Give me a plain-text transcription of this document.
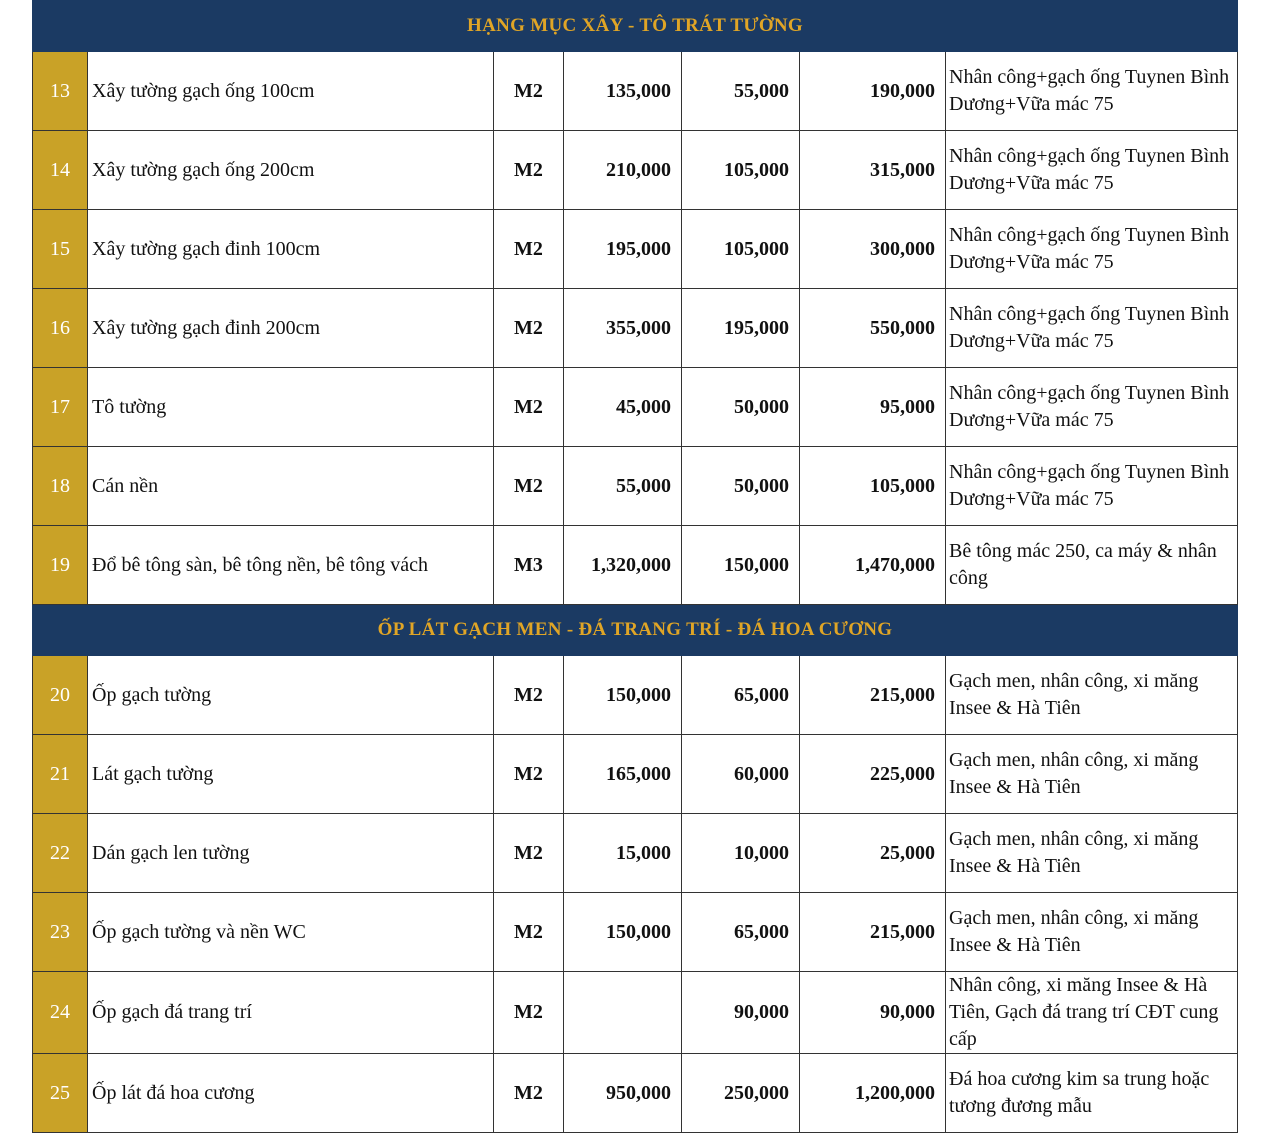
HẠNG MỤC XÂY - TÔ TRÁT TƯỜNG						
13	Xây tường gạch ống 100cm	M2	135,000	55,000	190,000	Nhân công+gạch ống Tuynen Bình Dương+Vữa mác 75
14	Xây tường gạch ống 200cm	M2	210,000	105,000	315,000	Nhân công+gạch ống Tuynen Bình Dương+Vữa mác 75
15	Xây tường gạch đinh 100cm	M2	195,000	105,000	300,000	Nhân công+gạch ống Tuynen Bình Dương+Vữa mác 75
16	Xây tường gạch đinh 200cm	M2	355,000	195,000	550,000	Nhân công+gạch ống Tuynen Bình Dương+Vữa mác 75
17	Tô tường	M2	45,000	50,000	95,000	Nhân công+gạch ống Tuynen Bình Dương+Vữa mác 75
18	Cán nền	M2	55,000	50,000	105,000	Nhân công+gạch ống Tuynen Bình Dương+Vữa mác 75
19	Đổ bê tông sàn, bê tông nền, bê tông vách	M3	1,320,000	150,000	1,470,000	Bê tông mác 250, ca máy & nhân công
ỐP LÁT GẠCH MEN - ĐÁ TRANG TRÍ - ĐÁ HOA CƯƠNG						
20	Ốp gạch tường	M2	150,000	65,000	215,000	Gạch men, nhân công, xi măng Insee & Hà Tiên
21	Lát gạch tường	M2	165,000	60,000	225,000	Gạch men, nhân công, xi măng Insee & Hà Tiên
22	Dán gạch len tường	M2	15,000	10,000	25,000	Gạch men, nhân công, xi măng Insee & Hà Tiên
23	Ốp gạch tường và nền WC	M2	150,000	65,000	215,000	Gạch men, nhân công, xi măng Insee & Hà Tiên
24	Ốp gạch đá trang trí	M2		90,000	90,000	Nhân công, xi măng Insee & Hà Tiên, Gạch đá trang trí CĐT cung cấp
25	Ốp lát đá hoa cương	M2	950,000	250,000	1,200,000	Đá hoa cương kim sa trung hoặc tương đương mẫu
